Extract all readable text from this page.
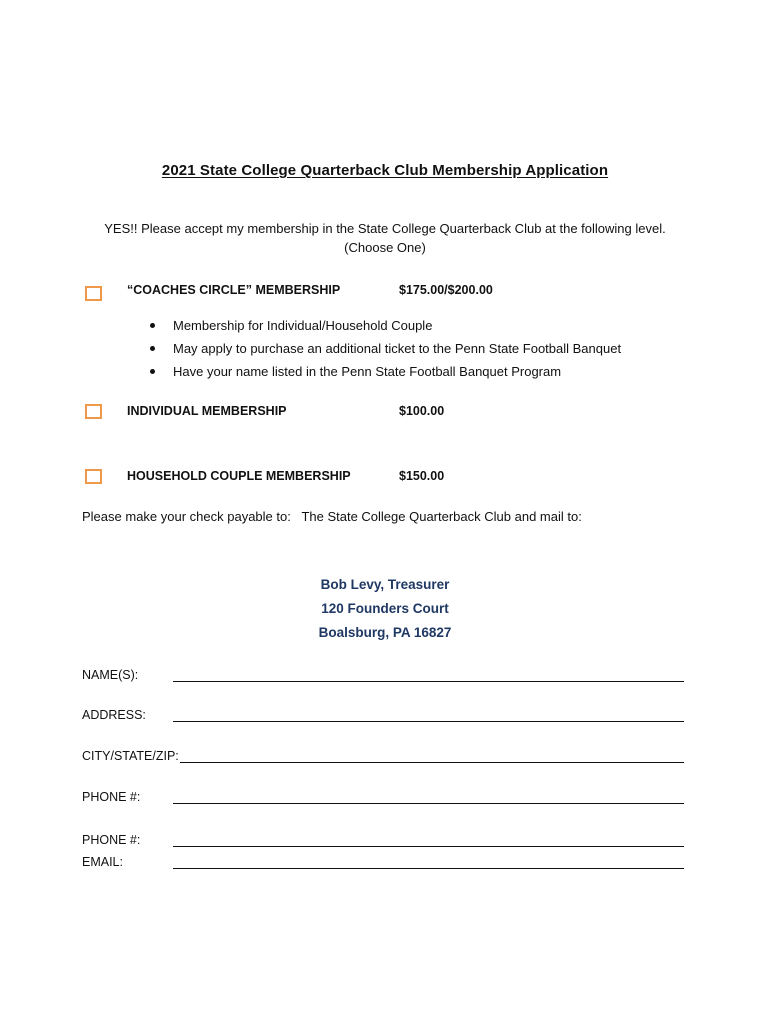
2021 State College Quarterback Club Membership Application
YES!! Please accept my membership in the State College Quarterback Club at the following level.
(Choose One)
“COACHES CIRCLE” MEMBERSHIP	$175.00/$200.00
Membership for Individual/Household Couple
May apply to purchase an additional ticket to the Penn State Football Banquet
Have your name listed in the Penn State Football Banquet Program
INDIVIDUAL MEMBERSHIP	$100.00
HOUSEHOLD COUPLE MEMBERSHIP	$150.00
Please make your check payable to:   The State College Quarterback Club and mail to:
Bob Levy, Treasurer
120 Founders Court
Boalsburg, PA 16827
NAME(S):
ADDRESS:
CITY/STATE/ZIP:
PHONE #:
PHONE #:
EMAIL:
